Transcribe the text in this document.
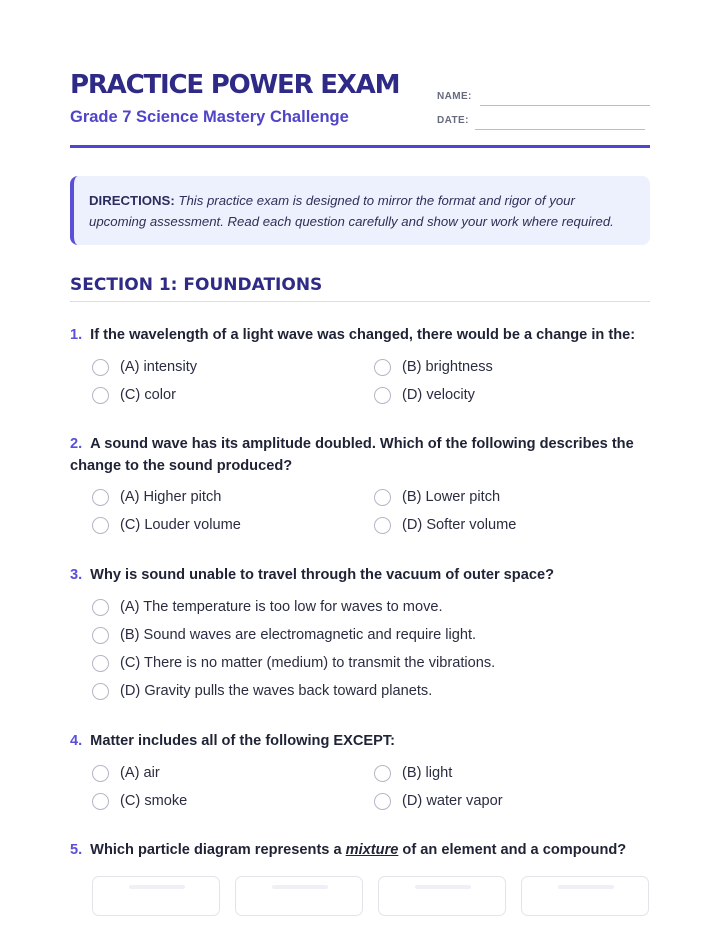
PRACTICE POWER EXAM
Grade 7 Science Mastery Challenge
NAME:
DATE:
DIRECTIONS: This practice exam is designed to mirror the format and rigor of your upcoming assessment. Read each question carefully and show your work where required.
SECTION 1: FOUNDATIONS
1. If the wavelength of a light wave was changed, there would be a change in the:
(A) intensity	(B) brightness
(C) color	(D) velocity
2. A sound wave has its amplitude doubled. Which of the following describes the change to the sound produced?
(A) Higher pitch	(B) Lower pitch
(C) Louder volume	(D) Softer volume
3. Why is sound unable to travel through the vacuum of outer space?
(A) The temperature is too low for waves to move.
(B) Sound waves are electromagnetic and require light.
(C) There is no matter (medium) to transmit the vibrations.
(D) Gravity pulls the waves back toward planets.
4. Matter includes all of the following EXCEPT:
(A) air	(B) light
(C) smoke	(D) water vapor
5. Which particle diagram represents a mixture of an element and a compound?
